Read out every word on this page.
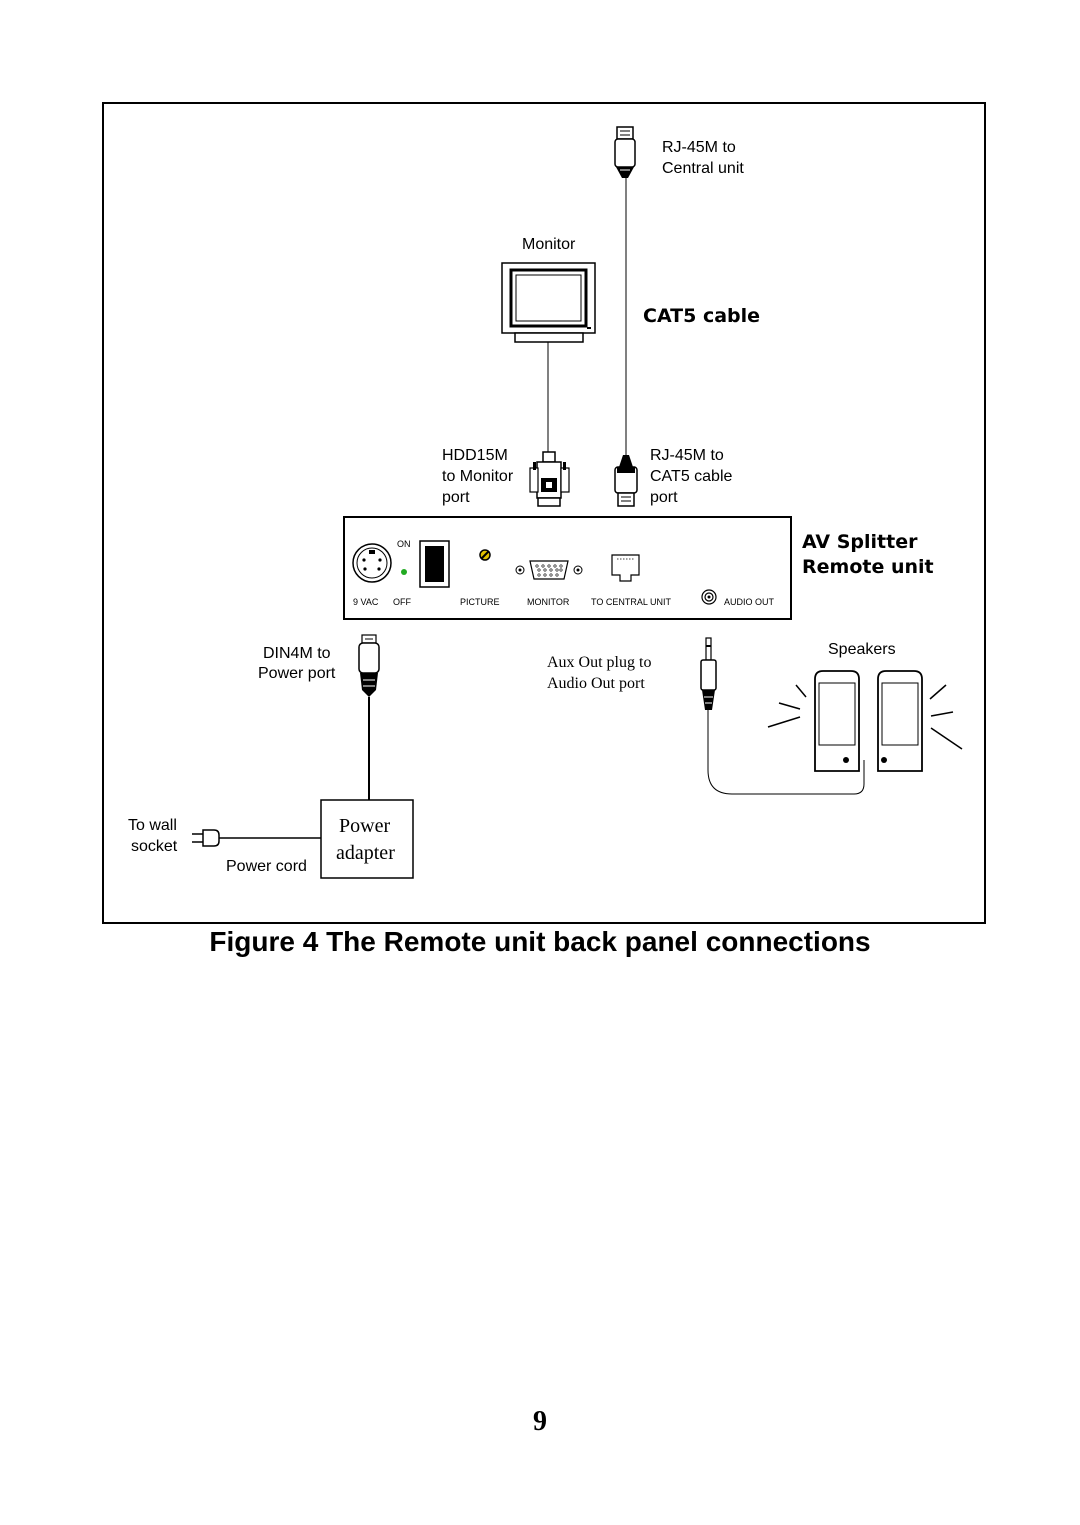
RJ-45M to
Central unit
CAT5 cable
Monitor
HDD15M
to Monitor
port
RJ-45M to
CAT5 cable
port
ON
9 VAC OFF	PICTURE	MONITOR TO CENTRAL UNIT	AUDIO OUT
AV Splitter
Remote unit
DIN4M to
Power port
Power
adapter
To wall
socket
Power cord
Aux Out plug to
Audio Out port
Speakers
Figure 4 The Remote unit back panel connections
9
